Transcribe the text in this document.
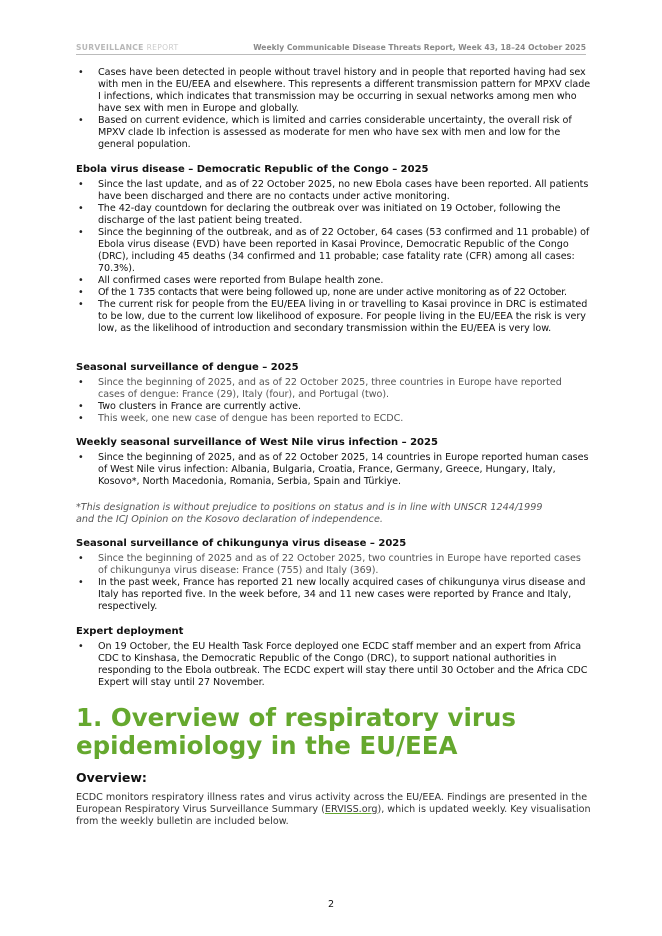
SURVEILLANCE REPORT	Weekly Communicable Disease Threats Report, Week 43, 18–24 October 2025
• Cases have been detected in people without travel history and in people that reported having had sex with men in the EU/EEA and elsewhere. This represents a different transmission pattern for MPXV clade I infections, which indicates that transmission may be occurring in sexual networks among men who have sex with men in Europe and globally.
• Based on current evidence, which is limited and carries considerable uncertainty, the overall risk of MPXV clade Ib infection is assessed as moderate for men who have sex with men and low for the general population.
Ebola virus disease – Democratic Republic of the Congo – 2025
• Since the last update, and as of 22 October 2025, no new Ebola cases have been reported. All patients have been discharged and there are no contacts under active monitoring.
• The 42-day countdown for declaring the outbreak over was initiated on 19 October, following the discharge of the last patient being treated.
• Since the beginning of the outbreak, and as of 22 October, 64 cases (53 confirmed and 11 probable) of Ebola virus disease (EVD) have been reported in Kasai Province, Democratic Republic of the Congo (DRC), including 45 deaths (34 confirmed and 11 probable; case fatality rate (CFR) among all cases: 70.3%).
• All confirmed cases were reported from Bulape health zone.
• Of the 1 735 contacts that were being followed up, none are under active monitoring as of 22 October.
• The current risk for people from the EU/EEA living in or travelling to Kasai province in DRC is estimated to be low, due to the current low likelihood of exposure. For people living in the EU/EEA the risk is very low, as the likelihood of introduction and secondary transmission within the EU/EEA is very low.
Seasonal surveillance of dengue – 2025
• Since the beginning of 2025, and as of 22 October 2025, three countries in Europe have reported cases of dengue: France (29), Italy (four), and Portugal (two).
• Two clusters in France are currently active.
• This week, one new case of dengue has been reported to ECDC.
Weekly seasonal surveillance of West Nile virus infection – 2025
• Since the beginning of 2025, and as of 22 October 2025, 14 countries in Europe reported human cases of West Nile virus infection: Albania, Bulgaria, Croatia, France, Germany, Greece, Hungary, Italy, Kosovo*, North Macedonia, Romania, Serbia, Spain and Türkiye.
*This designation is without prejudice to positions on status and is in line with UNSCR 1244/1999 and the ICJ Opinion on the Kosovo declaration of independence.
Seasonal surveillance of chikungunya virus disease – 2025
• Since the beginning of 2025 and as of 22 October 2025, two countries in Europe have reported cases of chikungunya virus disease: France (755) and Italy (369).
• In the past week, France has reported 21 new locally acquired cases of chikungunya virus disease and Italy has reported five. In the week before, 34 and 11 new cases were reported by France and Italy, respectively.
Expert deployment
• On 19 October, the EU Health Task Force deployed one ECDC staff member and an expert from Africa CDC to Kinshasa, the Democratic Republic of the Congo (DRC), to support national authorities in responding to the Ebola outbreak. The ECDC expert will stay there until 30 October and the Africa CDC Expert will stay until 27 November.
1. Overview of respiratory virus epidemiology in the EU/EEA
Overview:
ECDC monitors respiratory illness rates and virus activity across the EU/EEA. Findings are presented in the European Respiratory Virus Surveillance Summary (ERVISS.org), which is updated weekly. Key visualisation from the weekly bulletin are included below.
2
